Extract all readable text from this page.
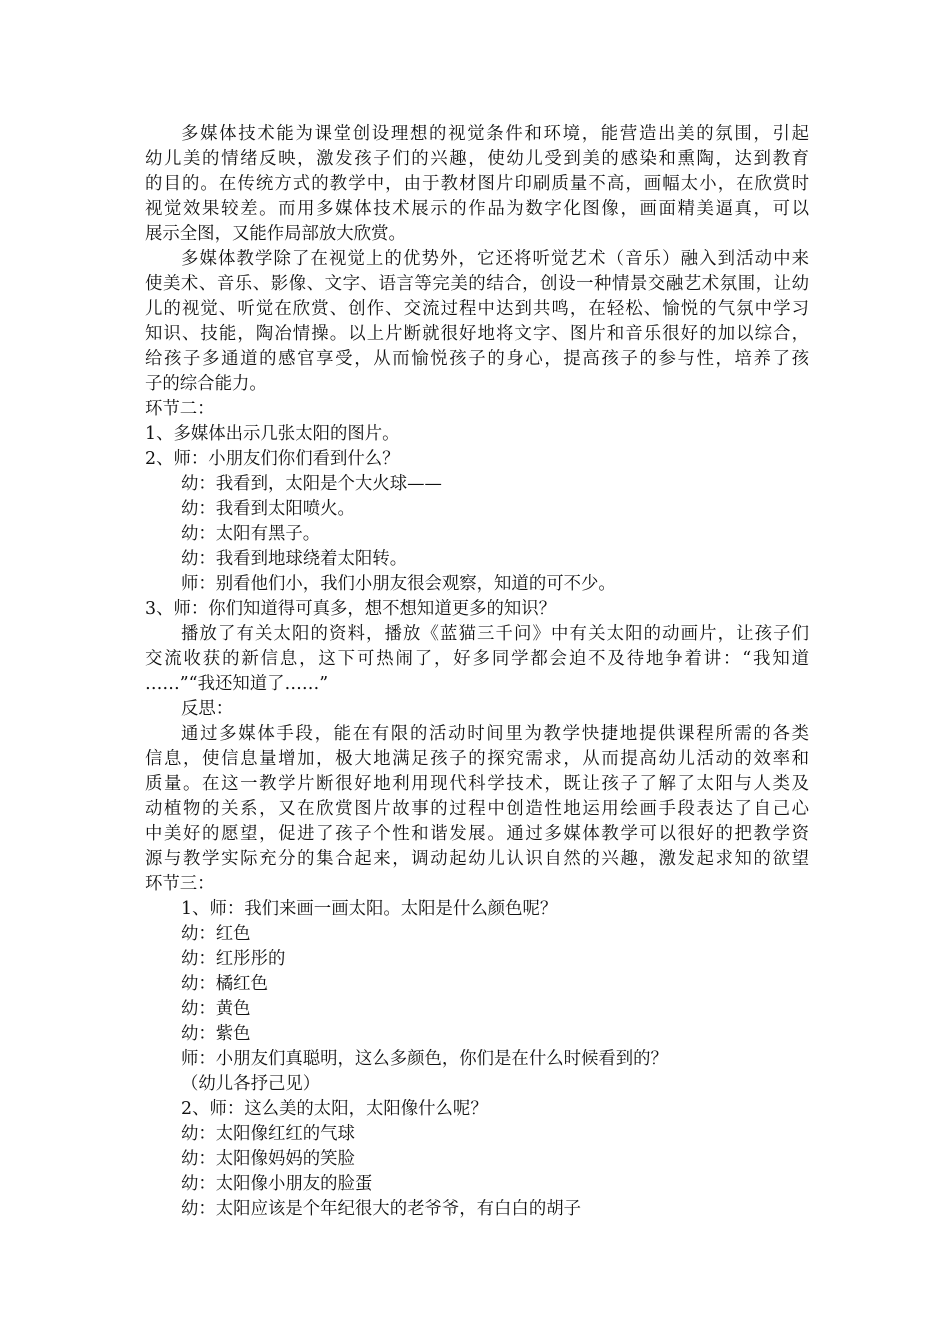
多媒体技术能为课堂创设理想的视觉条件和环境，能营造出美的氛围，引起

幼儿美的情绪反映，激发孩子们的兴趣，使幼儿受到美的感染和熏陶，达到教育

的目的。在传统方式的教学中，由于教材图片印刷质量不高，画幅太小，在欣赏时

视觉效果较差。而用多媒体技术展示的作品为数字化图像，画面精美逼真，可以

展示全图，又能作局部放大欣赏。

多媒体教学除了在视觉上的优势外，它还将听觉艺术（音乐）融入到活动中来

使美术、音乐、影像、文字、语言等完美的结合，创设一种情景交融艺术氛围，让幼

儿的视觉、听觉在欣赏、创作、交流过程中达到共鸣，在轻松、愉悦的气氛中学习

知识、技能，陶冶情操。以上片断就很好地将文字、图片和音乐很好的加以综合，

给孩子多通道的感官享受，从而愉悦孩子的身心，提高孩子的参与性，培养了孩

子的综合能力。

环节二：

1、多媒体出示几张太阳的图片。

2、师：小朋友们你们看到什么？

幼：我看到，太阳是个大火球——

幼：我看到太阳喷火。

幼：太阳有黑子。

幼：我看到地球绕着太阳转。

师：别看他们小，我们小朋友很会观察，知道的可不少。

3、师：你们知道得可真多，想不想知道更多的知识？

播放了有关太阳的资料，播放《蓝猫三千问》中有关太阳的动画片，让孩子们

交流收获的新信息，这下可热闹了，好多同学都会迫不及待地争着讲：“我知道

……”“我还知道了……”

反思：

通过多媒体手段，能在有限的活动时间里为教学快捷地提供课程所需的各类

信息，使信息量增加，极大地满足孩子的探究需求，从而提高幼儿活动的效率和

质量。在这一教学片断很好地利用现代科学技术，既让孩子了解了太阳与人类及

动植物的关系，又在欣赏图片故事的过程中创造性地运用绘画手段表达了自己心

中美好的愿望，促进了孩子个性和谐发展。通过多媒体教学可以很好的把教学资

源与教学实际充分的集合起来，调动起幼儿认识自然的兴趣，激发起求知的欲望

环节三：

1、师：我们来画一画太阳。太阳是什么颜色呢？

幼：红色

幼：红彤彤的

幼：橘红色

幼：黄色

幼：紫色

师：小朋友们真聪明，这么多颜色，你们是在什么时候看到的？

（幼儿各抒己见）

2、师：这么美的太阳，太阳像什么呢？

幼：太阳像红红的气球

幼：太阳像妈妈的笑脸

幼：太阳像小朋友的脸蛋

幼：太阳应该是个年纪很大的老爷爷，有白白的胡子
